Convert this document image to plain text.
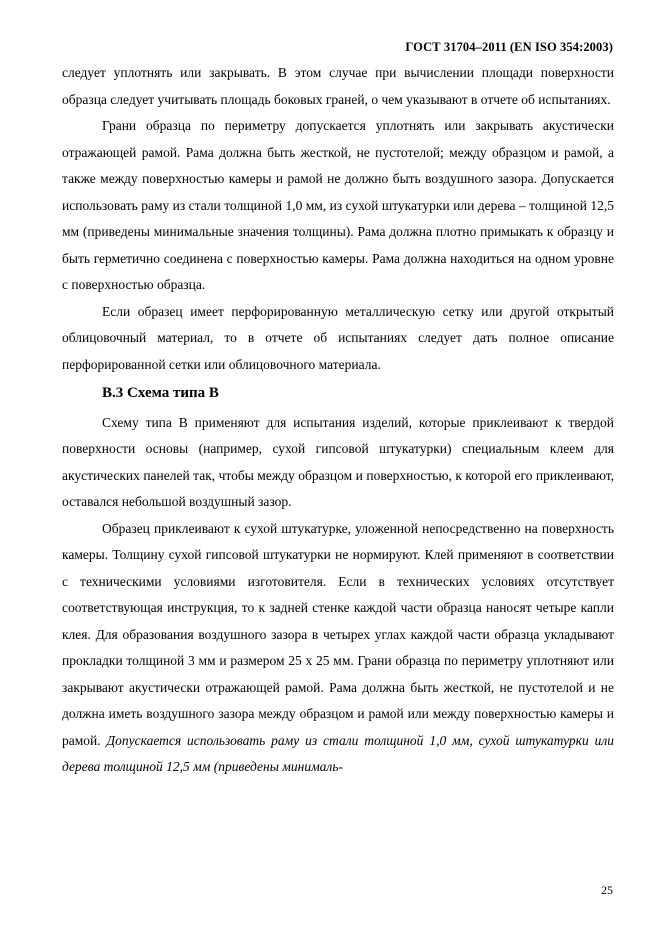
ГОСТ 31704–2011 (EN ISO 354:2003)

следует уплотнять или закрывать. В этом случае при вычислении площади поверхности образца следует учитывать площадь боковых граней, о чем указывают в отчете об испытаниях.

Грани образца по периметру допускается уплотнять или закрывать акустически отражающей рамой. Рама должна быть жесткой, не пустотелой; между образцом и рамой, а также между поверхностью камеры и рамой не должно быть воздушного зазора. Допускается использовать раму из стали толщиной 1,0 мм, из сухой штукатурки или дерева – толщиной 12,5 мм (приведены минимальные значения толщины). Рама должна плотно примыкать к образцу и быть герметично соединена с поверхностью камеры. Рама должна находиться на одном уровне с поверхностью образца.

Если образец имеет перфорированную металлическую сетку или другой открытый облицовочный материал, то в отчете об испытаниях следует дать полное описание перфорированной сетки или облицовочного материала.

В.3 Схема типа В

Схему типа В применяют для испытания изделий, которые приклеивают к твердой поверхности основы (например, сухой гипсовой штукатурки) специальным клеем для акустических панелей так, чтобы между образцом и поверхностью, к которой его приклеивают, оставался небольшой воздушный зазор.

Образец приклеивают к сухой штукатурке, уложенной непосредственно на поверхность камеры. Толщину сухой гипсовой штукатурки не нормируют. Клей применяют в соответствии с техническими условиями изготовителя. Если в технических условиях отсутствует соответствующая инструкция, то к задней стенке каждой части образца наносят четыре капли клея. Для образования воздушного зазора в четырех углах каждой части образца укладывают прокладки толщиной 3 мм и размером 25 х 25 мм. Грани образца по периметру уплотняют или закрывают акустически отражающей рамой. Рама должна быть жесткой, не пустотелой и не должна иметь воздушного зазора между образцом и рамой или между поверхностью камеры и рамой. Допускается использовать раму из стали толщиной 1,0 мм, сухой штукатурки или дерева толщиной 12,5 мм (приведены минималь-

25
